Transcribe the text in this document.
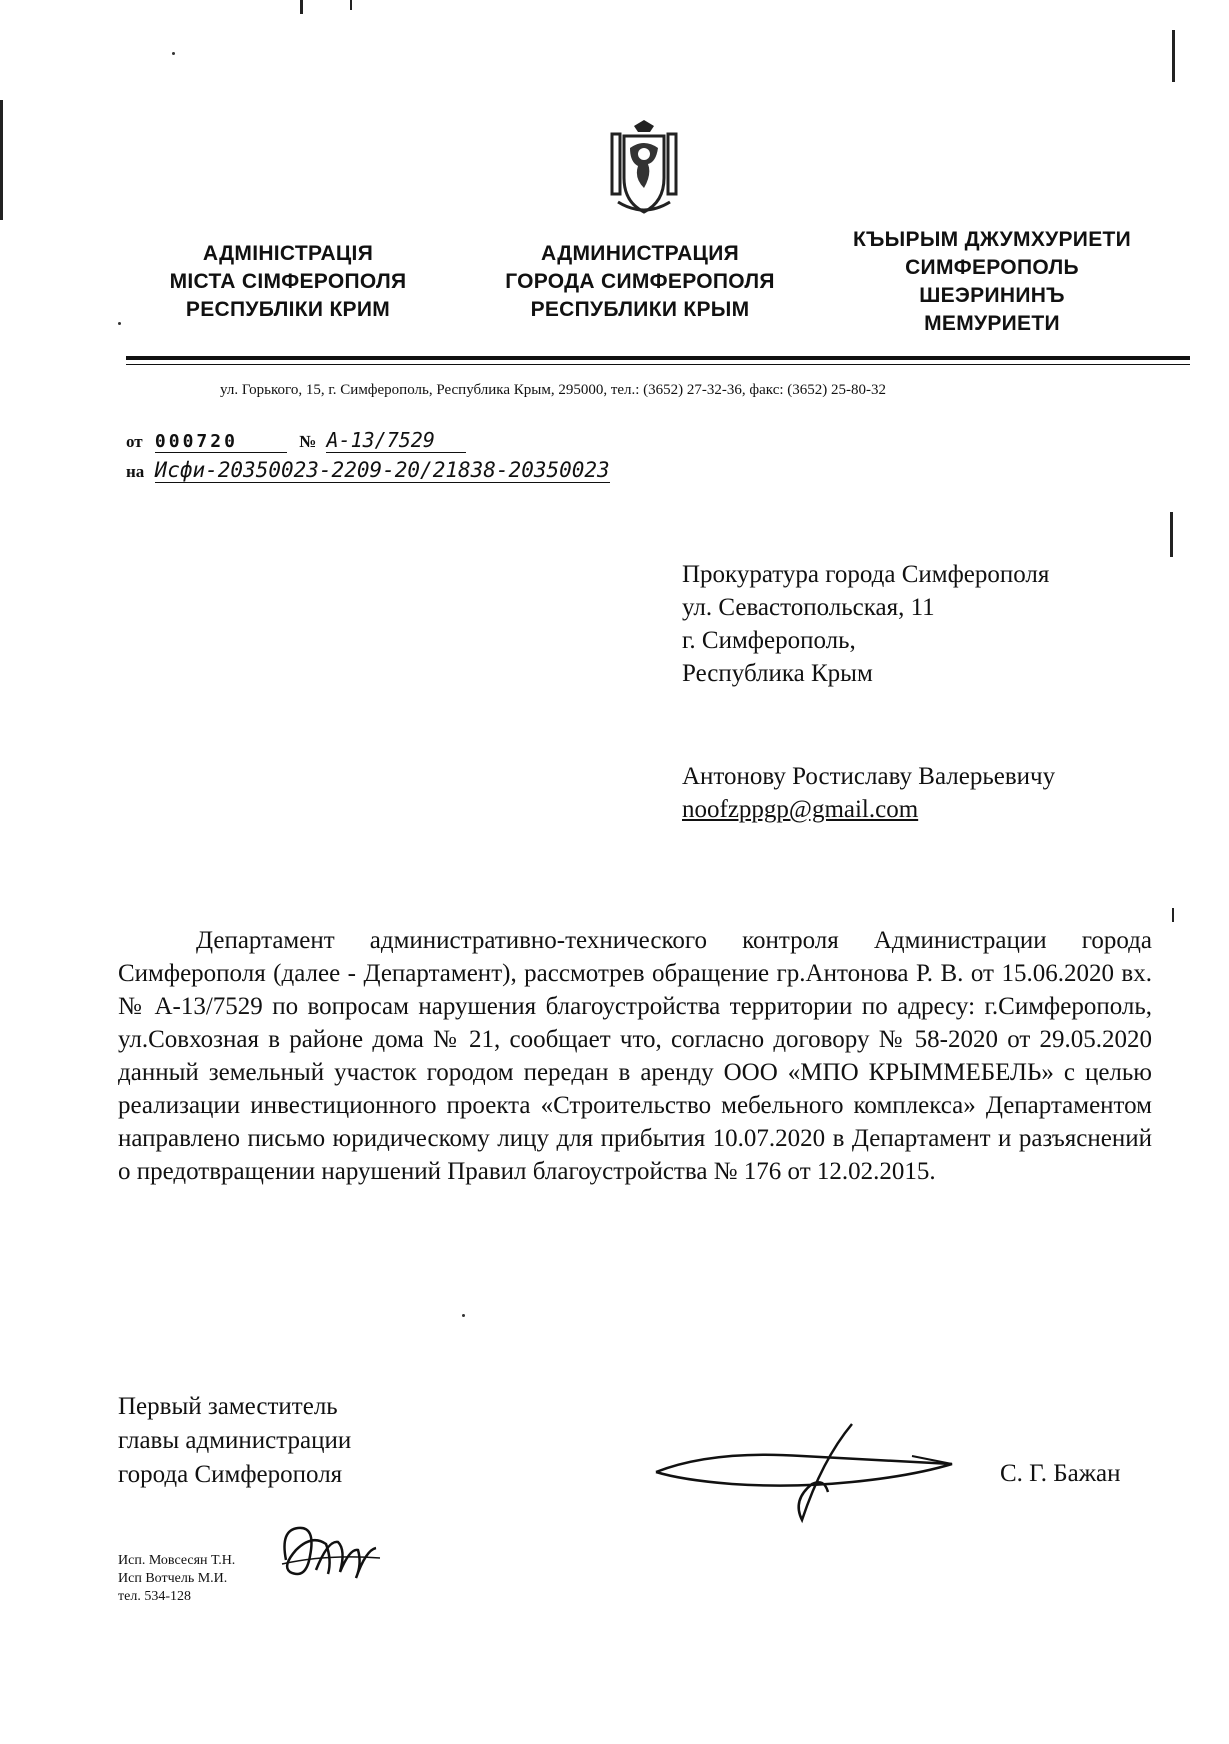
АДМІНІСТРАЦІЯ
МІСТА СІМФЕРОПОЛЯ
РЕСПУБЛІКИ КРИМ
АДМИНИСТРАЦИЯ
ГОРОДА СИМФЕРОПОЛЯ
РЕСПУБЛИКИ КРЫМ
КЪЫРЫМ ДЖУМХУРИЕТИ
СИМФЕРОПОЛЬ
ШЕЭРИНИНЪ
МЕМУРИЕТИ
ул. Горького, 15, г. Симферополь, Республика Крым, 295000, тел.: (3652) 27-32-36, факс: (3652) 25-80-32
от 000720	№ А-13/7529
на Исфи-20350023-2209-20/21838-20350023
Прокуратура города Симферополя
ул. Севастопольская, 11
г. Симферополь,
Республика Крым
Антонову Ростиславу Валерьевичу
noofzppgp@gmail.com
Департамент административно-технического контроля Администрации города Симферополя (далее - Департамент), рассмотрев обращение гр.Антонова Р. В. от 15.06.2020 вх. № А-13/7529 по вопросам нарушения благоустройства территории по адресу: г.Симферополь, ул.Совхозная в районе дома № 21, сообщает что, согласно договору № 58-2020 от 29.05.2020 данный земельный участок городом передан в аренду ООО «МПО КРЫММЕБЕЛЬ» с целью реализации инвестиционного проекта «Строительство мебельного комплекса» Департаментом направлено письмо юридическому лицу для прибытия 10.07.2020 в Департамент и разъяснений о предотвращении нарушений Правил благоустройства № 176 от 12.02.2015.
Первый заместитель
главы администрации
города Симферополя	С. Г. Бажан
Исп. Мовсесян Т.Н.
Исп Вотчель М.И.
тел. 534-128
